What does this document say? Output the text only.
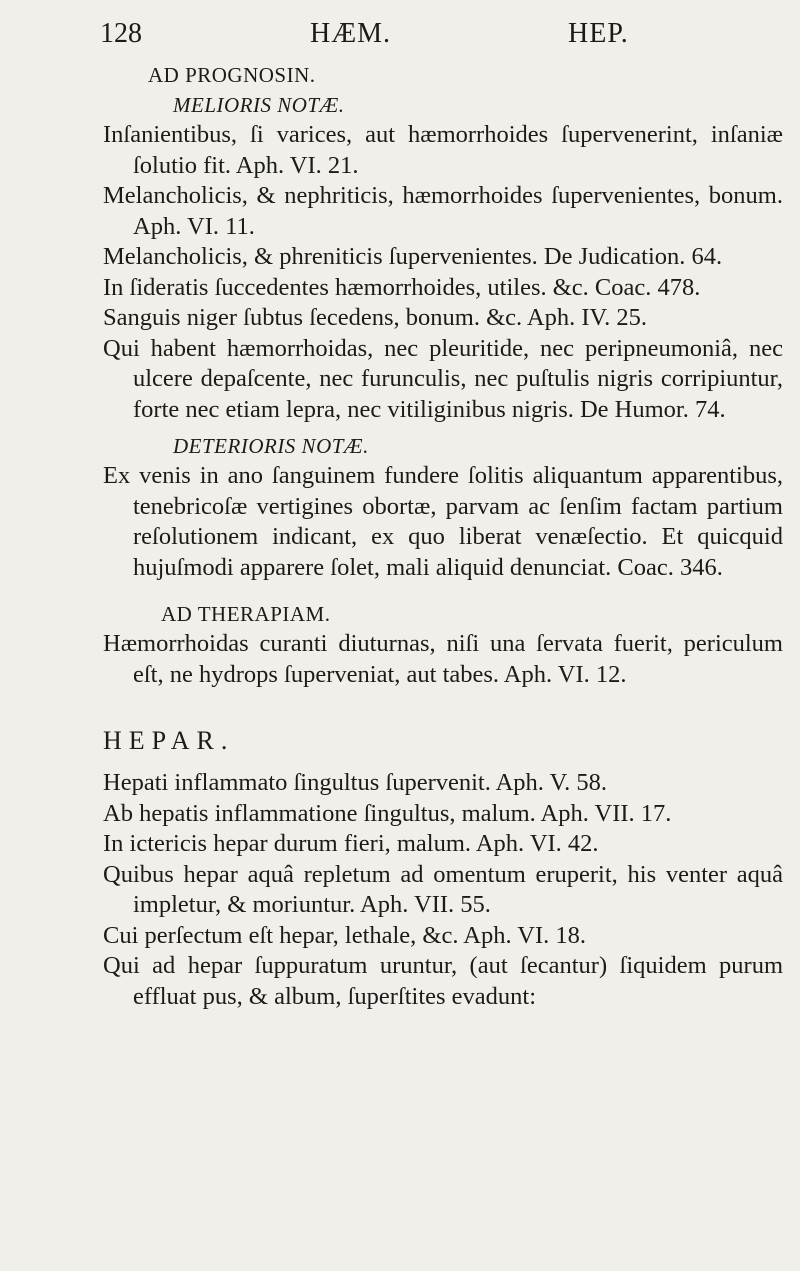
128	HÆM.	HEP.
AD PROGNOSIN.
MELIORIS NOTÆ.
Inſanientibus, ſi varices, aut hæmorrhoides ſupervenerint, inſaniæ ſolutio fit. Aph. VI. 21.
Melancholicis, & nephriticis, hæmorrhoides ſupervenientes, bonum. Aph. VI. 11.
Melancholicis, & phreniticis ſupervenientes. De Judication. 64.
In ſideratis ſuccedentes hæmorrhoides, utiles. &c. Coac. 478.
Sanguis niger ſubtus ſecedens, bonum. &c. Aph. IV. 25.
Qui habent hæmorrhoidas, nec pleuritide, nec peripneumoniâ, nec ulcere depaſcente, nec furunculis, nec puſtulis nigris corripiuntur, forte nec etiam lepra, nec vitiliginibus nigris. De Humor. 74.
DETERIORIS NOTÆ.
Ex venis in ano ſanguinem fundere ſolitis aliquantum apparentibus, tenebricoſæ vertigines obortæ, parvam ac ſenſim factam partium reſolutionem indicant, ex quo liberat venæſectio. Et quicquid hujuſmodi apparere ſolet, mali aliquid denunciat. Coac. 346.
AD THERAPIAM.
Hæmorrhoidas curanti diuturnas, niſi una ſervata fuerit, periculum eſt, ne hydrops ſuperveniat, aut tabes. Aph. VI. 12.
HEPAR.
Hepati inflammato ſingultus ſupervenit. Aph. V. 58.
Ab hepatis inflammatione ſingultus, malum. Aph. VII. 17.
In ictericis hepar durum fieri, malum. Aph. VI. 42.
Quibus hepar aquâ repletum ad omentum eruperit, his venter aquâ impletur, & moriuntur. Aph. VII. 55.
Cui perſectum eſt hepar, lethale, &c. Aph. VI. 18.
Qui ad hepar ſuppuratum uruntur, (aut ſecantur) ſiquidem purum effluat pus, & album, ſuperſtites evadunt:
